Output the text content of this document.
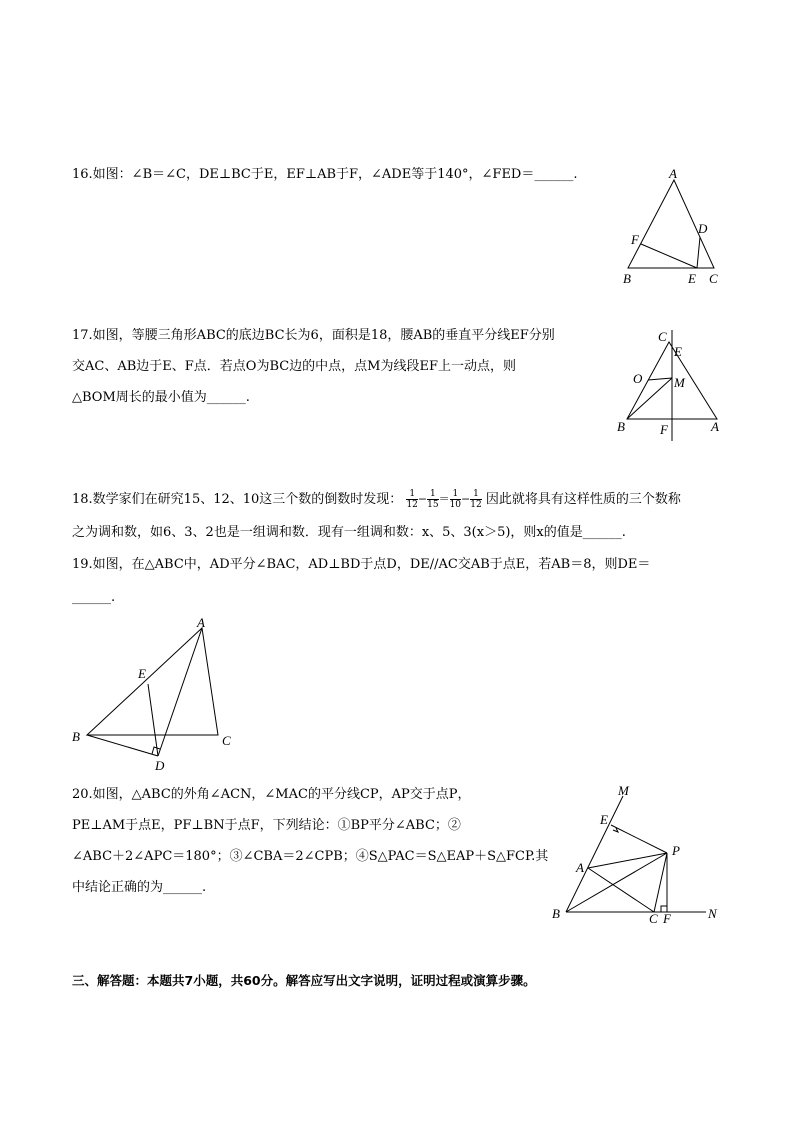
16.如图：∠B＝∠C，DE⊥BC于E，EF⊥AB于F，∠ADE等于140°，∠FED＝______.	A
B	C
D
E
F
17.如图，等腰三角形ABC的底边BC长为6，面积是18，腰AB的垂直平分线EF分别
交AC、AB边于E、F点．若点O为BC边的中点，点M为线段EF上一动点，则
△BOM周长的最小值为______.
C
E
O M
B	F	A
18.数学家们在研究15、12、10这三个数的倒数时发现： $\frac{1}{12} - \frac{1}{15} = \frac{1}{10} - \frac{1}{12}$ 因此就将具有这样性质的三个数称
之为调和数，如6、3、2也是一组调和数．现有一组调和数：x、5、3(x＞5)，则x的值是______.
19.如图，在△ABC中，AD平分∠BAC，AD⊥BD于点D，DE//AC交AB于点E，若AB＝8，则DE＝
______.
A
E
B	C
D
20.如图，△ABC的外角∠ACN，∠MAC的平分线CP，AP交于点P，
PE⊥AM于点E，PF⊥BN于点F，下列结论：①BP平分∠ABC；②
∠ABC＋2∠APC＝180°；③∠CBA＝2∠CPB；④S△PAC＝S△EAP＋S△FCP.其
中结论正确的为______.
M
E
P
A
B	C F	N
三、解答题：本题共7小题，共60分。解答应写出文字说明，证明过程或演算步骤。
